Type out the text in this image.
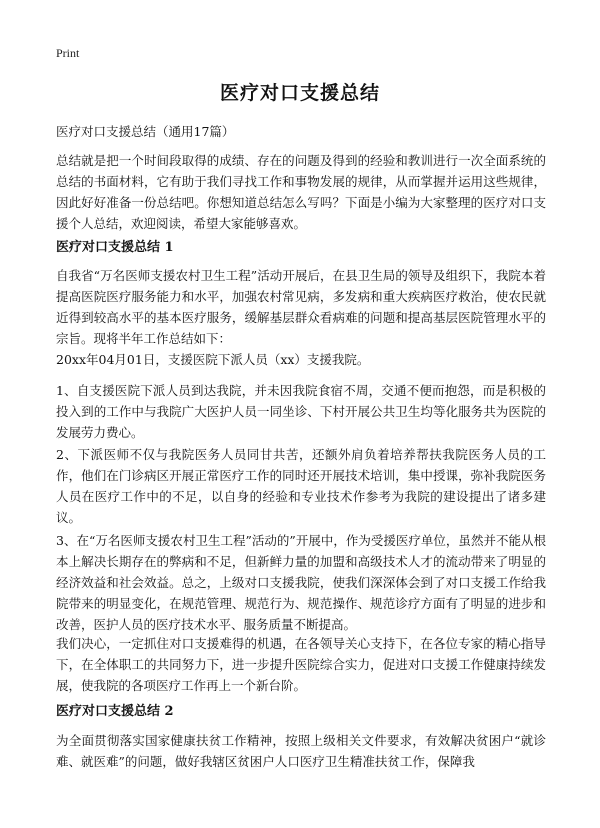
Print
医疗对口支援总结

医疗对口支援总结（通用17篇）

总结就是把一个时间段取得的成绩、存在的问题及得到的经验和教训进行一次全面系统的总结的书面材料，它有助于我们寻找工作和事物发展的规律，从而掌握并运用这些规律，因此好好准备一份总结吧。你想知道总结怎么写吗？下面是小编为大家整理的医疗对口支援个人总结，欢迎阅读，希望大家能够喜欢。

医疗对口支援总结 1

自我省“万名医师支援农村卫生工程”活动开展后，在县卫生局的领导及组织下，我院本着提高医院医疗服务能力和水平，加强农村常见病，多发病和重大疾病医疗救治，使农民就近得到较高水平的基本医疗服务，缓解基层群众看病难的问题和提高基层医院管理水平的宗旨。现将半年工作总结如下：

20xx年04月01日，支援医院下派人员（xx）支援我院。

1、自支援医院下派人员到达我院，并未因我院食宿不周，交通不便而抱怨，而是积极的投入到的工作中与我院广大医护人员一同坐诊、下村开展公共卫生均等化服务共为医院的发展劳力费心。

2、下派医师不仅与我院医务人员同甘共苦，还额外肩负着培养帮扶我院医务人员的工作，他们在门诊病区开展正常医疗工作的同时还开展技术培训，集中授课，弥补我院医务人员在医疗工作中的不足，以自身的经验和专业技术作参考为我院的建设提出了诸多建议。

3、在“万名医师支援农村卫生工程”活动的”开展中，作为受援医疗单位，虽然并不能从根本上解决长期存在的弊病和不足，但新鲜力量的加盟和高级技术人才的流动带来了明显的经济效益和社会效益。总之，上级对口支援我院，使我们深深体会到了对口支援工作给我院带来的明显变化，在规范管理、规范行为、规范操作、规范诊疗方面有了明显的进步和改善，医护人员的医疗技术水平、服务质量不断提高。

我们决心，一定抓住对口支援难得的机遇，在各领导关心支持下，在各位专家的精心指导下，在全体职工的共同努力下，进一步提升医院综合实力，促进对口支援工作健康持续发展，使我院的各项医疗工作再上一个新台阶。

医疗对口支援总结 2

为全面贯彻落实国家健康扶贫工作精神，按照上级相关文件要求，有效解决贫困户“就诊难、就医难”的问题，做好我辖区贫困户人口医疗卫生精准扶贫工作，保障我
